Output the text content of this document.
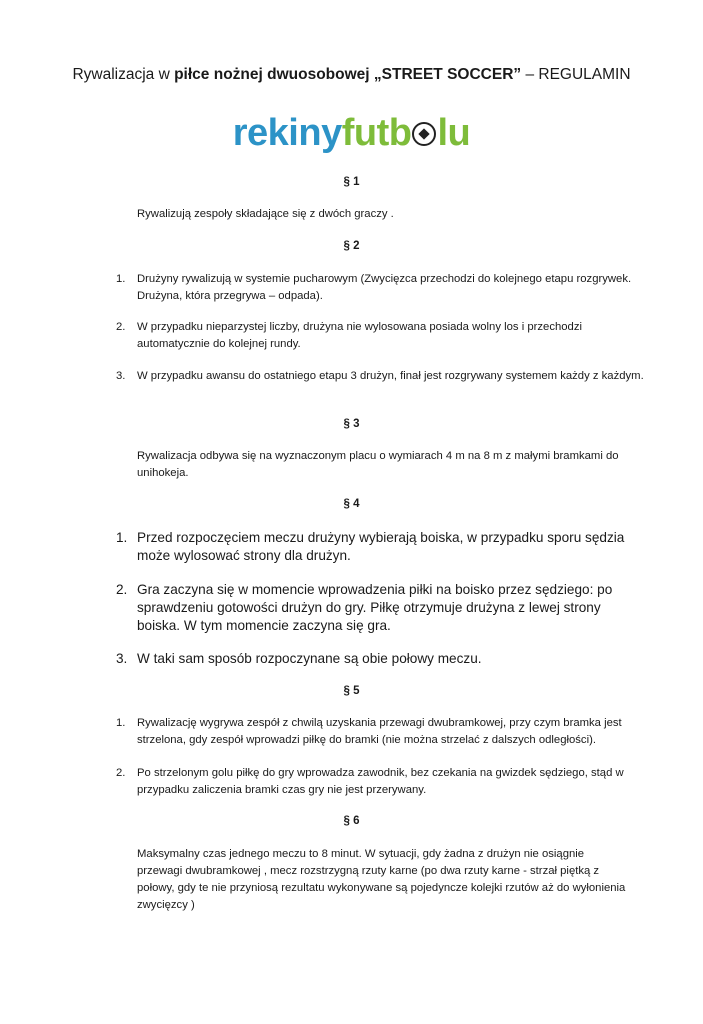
Rywalizacja w piłce nożnej dwuosobowej „STREET SOCCER” – REGULAMIN
rekinyfutb lu
§ 1
Rywalizują zespoły składające się z dwóch graczy .
§ 2
1. Drużyny rywalizują w systemie pucharowym (Zwycięzca przechodzi do kolejnego etapu rozgrywek. Drużyna, która przegrywa – odpada).
2. W przypadku nieparzystej liczby, drużyna nie wylosowana posiada wolny los i przechodzi automatycznie do kolejnej rundy.
3. W przypadku awansu do ostatniego etapu 3 drużyn, finał jest rozgrywany systemem każdy z każdym.
§ 3
Rywalizacja odbywa się na wyznaczonym placu o wymiarach 4 m na 8 m z małymi bramkami do unihokeja.
§ 4
1. Przed rozpoczęciem meczu drużyny wybierają boiska, w przypadku sporu sędzia może wylosować strony dla drużyn.
2. Gra zaczyna się w momencie wprowadzenia piłki na boisko przez sędziego: po sprawdzeniu gotowości drużyn do gry. Piłkę otrzymuje drużyna z lewej strony boiska. W tym momencie zaczyna się gra.
3. W taki sam sposób rozpoczynane są obie połowy meczu.
§ 5
1. Rywalizację wygrywa zespół z chwilą uzyskania przewagi dwubramkowej, przy czym bramka jest strzelona, gdy zespół wprowadzi piłkę do bramki (nie można strzelać z dalszych odległości).
2. Po strzelonym golu piłkę do gry wprowadza zawodnik, bez czekania na gwizdek sędziego, stąd w przypadku zaliczenia bramki czas gry nie jest przerywany.
§ 6
Maksymalny czas jednego meczu to 8 minut. W sytuacji, gdy żadna z drużyn nie osiągnie przewagi dwubramkowej , mecz rozstrzygną rzuty karne (po dwa rzuty karne - strzał piętką z połowy, gdy te nie przyniosą rezultatu wykonywane są pojedyncze kolejki rzutów aż do wyłonienia zwycięzcy )
